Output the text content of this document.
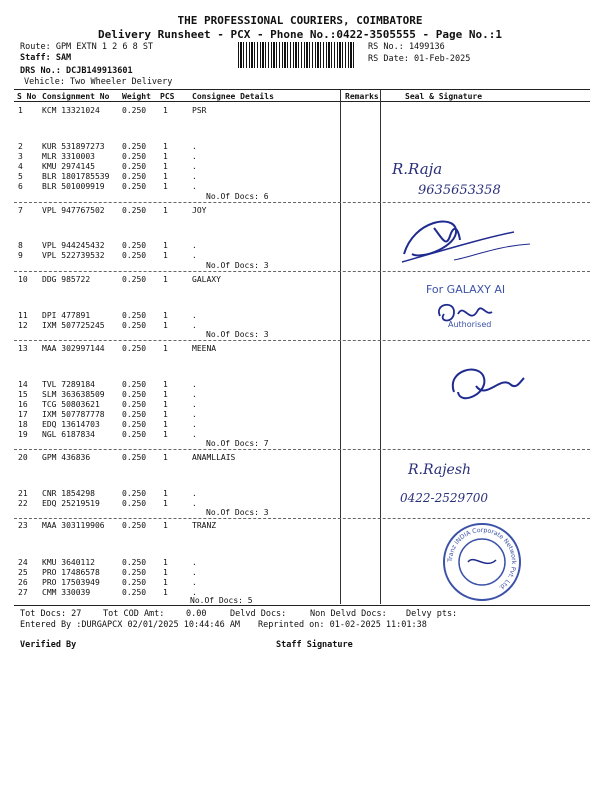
THE PROFESSIONAL COURIERS, COIMBATORE
Delivery Runsheet - PCX - Phone No.:0422-3505555 - Page No.:1
Route: GPM EXTN 1 2 6 8 ST
Staff: SAM
DRS No.: DCJB149913601
Vehicle: Two Wheeler Delivery
RS No.: 1499136
RS Date: 01-Feb-2025
S No Consignment No Weight PCS Consignee Details	Remarks	Seal & Signature
1 KCM 13321024	0.250 1	PSR
2 KUR 531897273 0.250 1	.
3 MLR 3310003	0.250 1	.
4 KMU 2974145	0.250 1	.
5 BLR 1801785539 0.250 1	.
6 BLR 501009919 0.250 1	.
No.Of Docs: 6
7 VPL 947767502 0.250 1	JOY
8 VPL 944245432 0.250 1	.
9 VPL 522739532 0.250 1	.
No.Of Docs: 3
10 DDG 985722	0.250 1	GALAXY
11 DPI 477891	0.250 1	.
12 IXM 507725245 0.250 1	.
No.Of Docs: 3
13 MAA 302997144 0.250 1	MEENA
14 TVL 7289184	0.250 1	.
15 SLM 363638509 0.250 1	.
16 TCG 50803621	0.250 1	.
17 IXM 507787778 0.250 1	.
18 EDQ 13614703	0.250 1	.
19 NGL 6187834	0.250 1	.
No.Of Docs: 7
20 GPM 436836	0.250 1	ANAMLLAIS
21 CNR 1854298	0.250 1	.
22 EDQ 25219519	0.250 1	.
No.Of Docs: 3
23 MAA 303119906 0.250 1	TRANZ
24 KMU 3640112	0.250 1	.
25 PRO 17486578	0.250 1	.
26 PRO 17503949	0.250 1	.
27 CMM 330039	0.250 1	.
No.Of Docs: 5
Tot Docs: 27	Tot COD Amt:	0.00	Delvd Docs:	Non Delvd Docs: Delvy pts:
Entered By :DURGAPCX 02/01/2025 10:44:46 AM Reprinted on: 01-02-2025 11:01:38
Verified By	Staff Signature
R.Raja
9635653358
For GALAXY AI
Authorised
R.Rajesh
0422-2529700
Tranz INDIA Corporate Network Pvt. Ltd.
